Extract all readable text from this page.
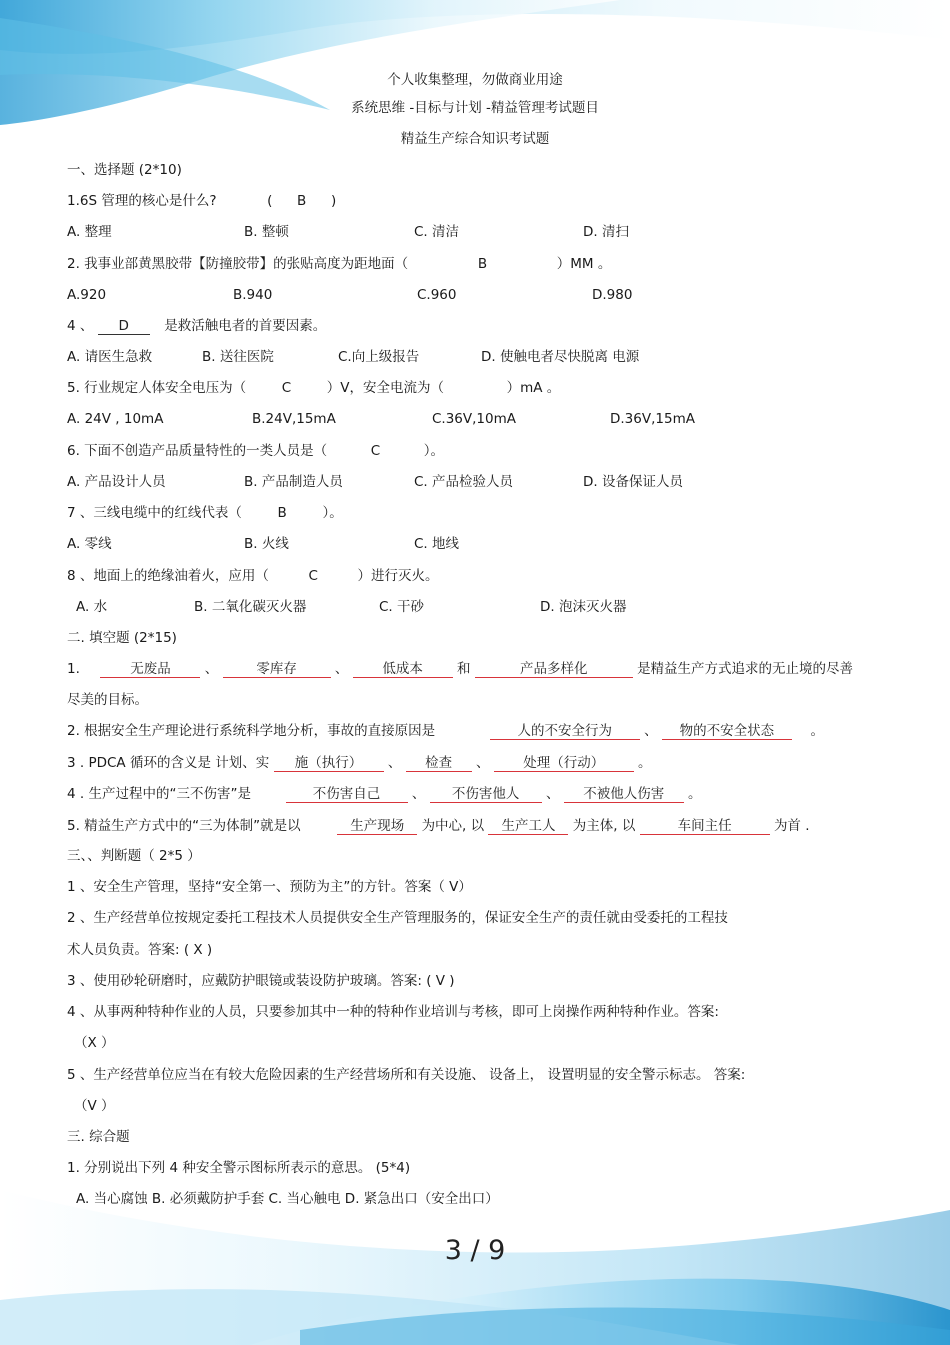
个人收集整理，勿做商业用途
系统思维 -目标与计划 -精益管理考试题目
精益生产综合知识考试题
一、选择题 (2*10)
1.6S 管理的核心是什么?	( B )
A. 整理	B. 整顿	C. 清洁	D. 清扫
2. 我事业部黄黑胶带【防撞胶带】的张贴高度为距地面（	B	）MM 。
A.920	B.940	C.960	D.980
4 、 D	是救活触电者的首要因素。
A. 请医生急救	B. 送往医院	C.向上级报告	D. 使触电者尽快脱离 电源
5. 行业规定人体安全电压为（	C	）V，安全电流为（	）mA 。
A. 24V , 10mA	B.24V,15mA	C.36V,10mA	D.36V,15mA
6. 下面不创造产品质量特性的一类人员是（	C	）。
A. 产品设计人员	B. 产品制造人员	C. 产品检验人员	D. 设备保证人员
7 、三线电缆中的红线代表（	B	）。
A. 零线	B. 火线	C. 地线
8 、地面上的绝缘油着火，应用（	C	）进行灭火。
A. 水	B. 二氧化碳灭火器	C. 干砂	D. 泡沫灭火器
二. 填空题 (2*15)
1.	无废品	、	零库存	、	低成本	和	产品多样化	是精益生产方式追求的无止境的尽善
尽美的目标。
2. 根据安全生产理论进行系统科学地分析，事故的直接原因是	人的不安全行为 、 物的不安全状态	。
3 . PDCA 循环的含义是 计划、实 施（执行） 、 检查 、	处理（行动）	。
4 . 生产过程中的“三不伤害”是	不伤害自己 、 不伤害他人 、 不被他人伤害 。
5. 精益生产方式中的“三为体制”就是以	生产现场 为中心, 以 生产工人 为主体, 以	车间主任	为首 .
三、、判断题（ 2*5 ）
1 、安全生产管理，坚持“安全第一、预防为主”的方针。答案（ V）
2 、生产经营单位按规定委托工程技术人员提供安全生产管理服务的，保证安全生产的责任就由受委托的工程技
术人员负责。答案: ( X )
3 、使用砂轮研磨时，应戴防护眼镜或装设防护玻璃。答案: ( V )
4 、从事两种特种作业的人员，只要参加其中一种的特种作业培训与考核，即可上岗操作两种特种作业。答案:
（X ）
5 、生产经营单位应当在有较大危险因素的生产经营场所和有关设施、 设备上， 设置明显的安全警示标志。 答案:
（V ）
三. 综合题
1. 分别说出下列 4 种安全警示图标所表示的意思。 (5*4)
A. 当心腐蚀 B. 必须戴防护手套 C. 当心触电 D. 紧急出口（安全出口）
3 / 9
